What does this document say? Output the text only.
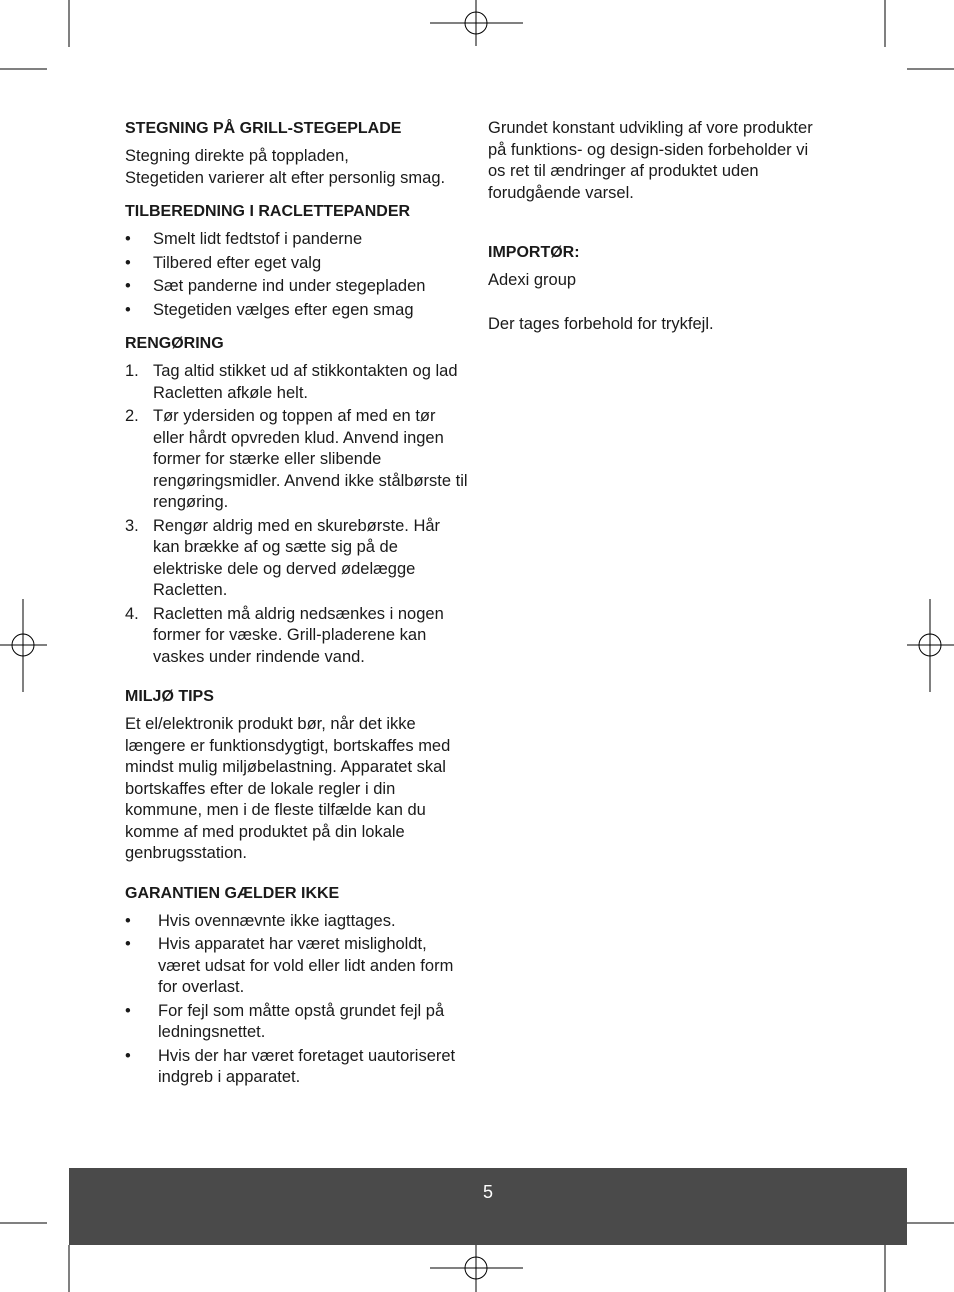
STEGNING PÅ GRILL-STEGEPLADE

Stegning direkte på toppladen,

Stegetiden varierer alt efter personlig smag.

TILBEREDNING I RACLETTEPANDER
• Smelt lidt fedtstof i panderne
• Tilbered efter eget valg
• Sæt panderne ind under stegepladen
• Stegetiden vælges efter egen smag
RENGØRING
1. Tag altid stikket ud af stikkontakten og lad Racletten afkøle helt.
2. Tør ydersiden og toppen af med en tør eller hårdt opvreden klud. Anvend ingen former for stærke eller slibende rengøringsmidler. Anvend ikke stålbørste til rengøring.
3. Rengør aldrig med en skurebørste. Hår kan brække af og sætte sig på de elektriske dele og derved ødelægge Racletten.
4. Racletten må aldrig nedsænkes i nogen former for væske. Grill-pladerene kan vaskes under rindende vand.
MILJØ TIPS

Et el/elektronik produkt bør, når det ikke længere er funktionsdygtigt, bortskaffes med mindst mulig miljøbelastning. Apparatet skal bortskaffes efter de lokale regler i din kommune, men i de fleste tilfælde kan du komme af med produktet på din lokale genbrugsstation.

GARANTIEN GÆLDER IKKE
• Hvis ovennævnte ikke iagttages.
• Hvis apparatet har været misligholdt, været udsat for vold eller lidt anden form for overlast.
• For fejl som måtte opstå grundet fejl på ledningsnettet.
• Hvis der har været foretaget uautoriseret indgreb i apparatet.

Grundet konstant udvikling af vore produkter på funktions- og design-siden forbeholder vi os ret til ændringer af produktet uden forudgående varsel.

IMPORTØR:

Adexi group

Der tages forbehold for trykfejl.

5
